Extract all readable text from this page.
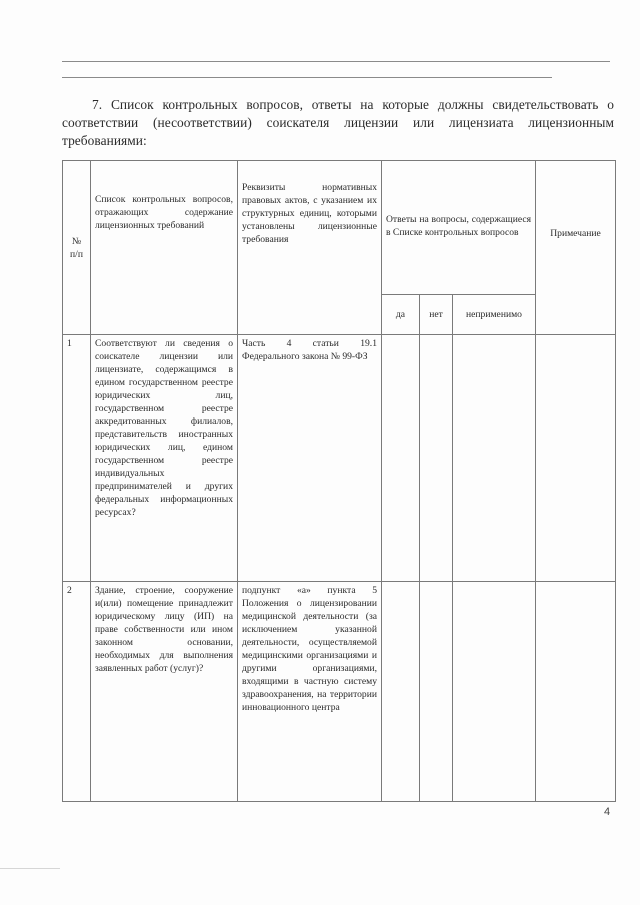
7. Список контрольных вопросов, ответы на которые должны свидетельствовать о соответствии (несоответствии) соискателя лицензии или лицензиата лицензионным требованиями:
№ п/п	Список контрольных вопросов, отражающих содержание лицензионных требований	Реквизиты нормативных правовых актов, с указанием их структурных единиц, которыми установлены лицензионные требования	Ответы на вопросы, содержащиеся в Списке контрольных вопросов			Примечание
			да	нет	неприменимо	
1	Соответствуют ли сведения о соискателе лицензии или лицензиате, содержащимся в едином государственном реестре юридических лиц, государственном реестре аккредитованных филиалов, представительств иностранных юридических лиц, едином государственном реестре индивидуальных предпринимателей и других федеральных информационных ресурсах?	Часть 4 статьи 19.1 Федерального закона № 99-ФЗ				
2	Здание, строение, сооружение и(или) помещение принадлежит юридическому лицу (ИП) на праве собственности или ином законном основании, необходимых для выполнения заявленных работ (услуг)?	подпункт «а» пункта 5 Положения о лицензировании медицинской деятельности (за исключением указанной деятельности, осуществляемой медицинскими организациями и другими организациями, входящими в частную систему здравоохранения, на территории инновационного центра				
4
